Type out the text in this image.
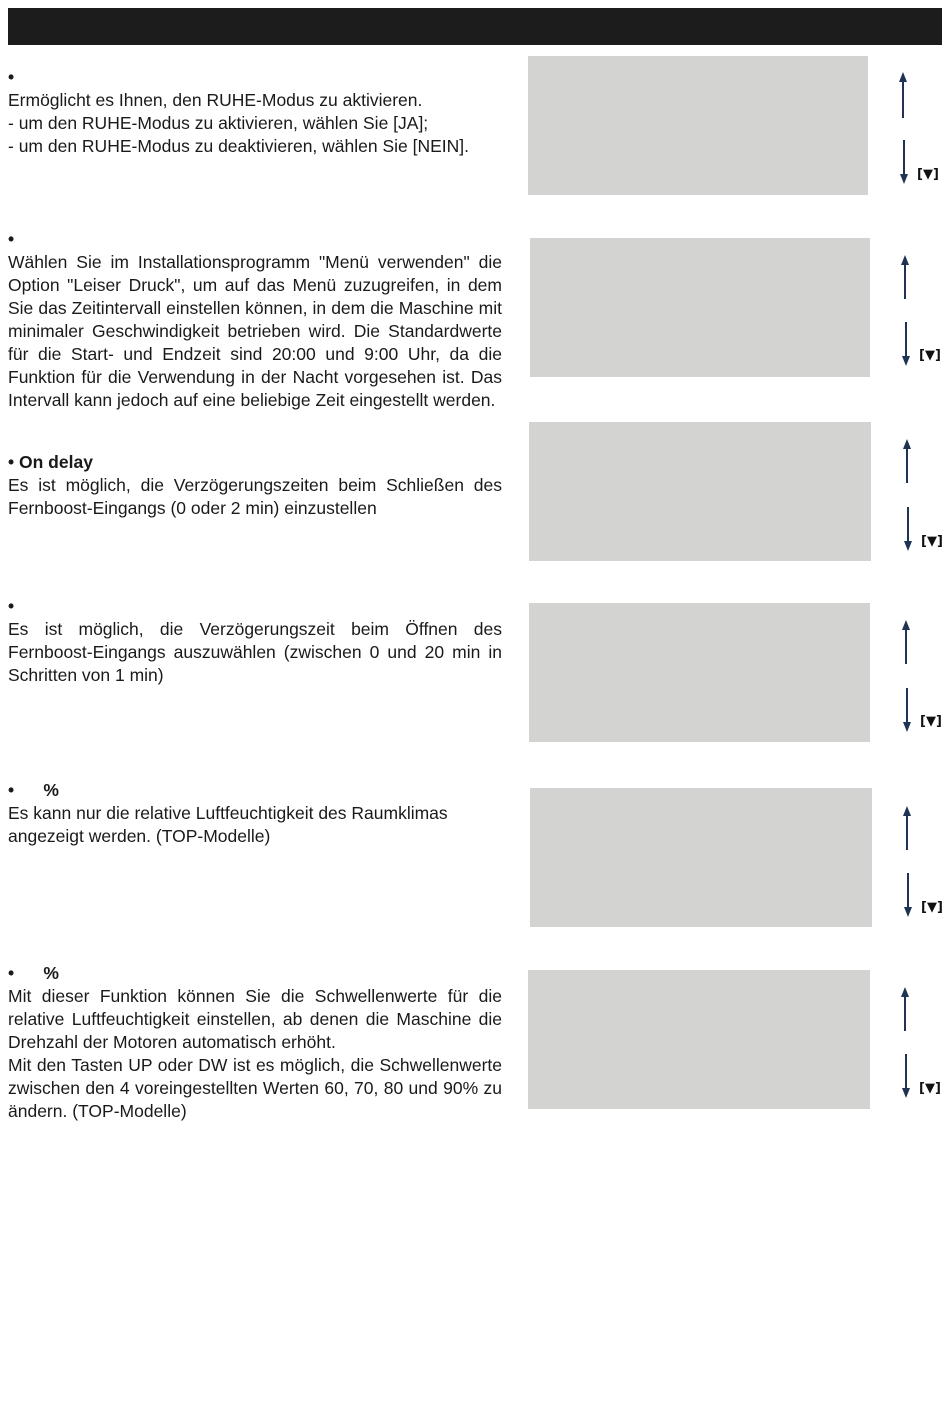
•
Ermöglicht es Ihnen, den RUHE-Modus zu aktivieren.
- um den RUHE-Modus zu aktivieren, wählen Sie [JA];
- um den RUHE-Modus zu deaktivieren, wählen Sie [NEIN].
•
Wählen Sie im Installationsprogramm "Menü verwenden" die Option "Leiser Druck", um auf das Menü zuzugreifen, in dem Sie das Zeitintervall einstellen können, in dem die Maschine mit minimaler Geschwindigkeit betrieben wird. Die Standardwerte für die Start- und Endzeit sind 20:00 und 9:00 Uhr, da die Funktion für die Verwendung in der Nacht vorgesehen ist. Das Intervall kann jedoch auf eine beliebige Zeit eingestellt werden.
• On delay
Es ist möglich, die Verzögerungszeiten beim Schließen des Fernboost-Eingangs (0 oder 2 min) einzustellen
•
Es ist möglich, die Verzögerungszeit beim Öffnen des Fernboost-Eingangs auszuwählen (zwischen 0 und 20 min in Schritten von 1 min)
• %
Es kann nur die relative Luftfeuchtigkeit des Raumklimas angezeigt werden. (TOP-Modelle)
• %
Mit dieser Funktion können Sie die Schwellenwerte für die relative Luftfeuchtigkeit einstellen, ab denen die Maschine die Drehzahl der Motoren automatisch erhöht.
Mit den Tasten UP oder DW ist es möglich, die Schwellenwerte zwischen den 4 voreingestellten Werten 60, 70, 80 und 90% zu ändern. (TOP-Modelle)
[▼]
[▼]
[▼]
[▼]
[▼]
[▼]
